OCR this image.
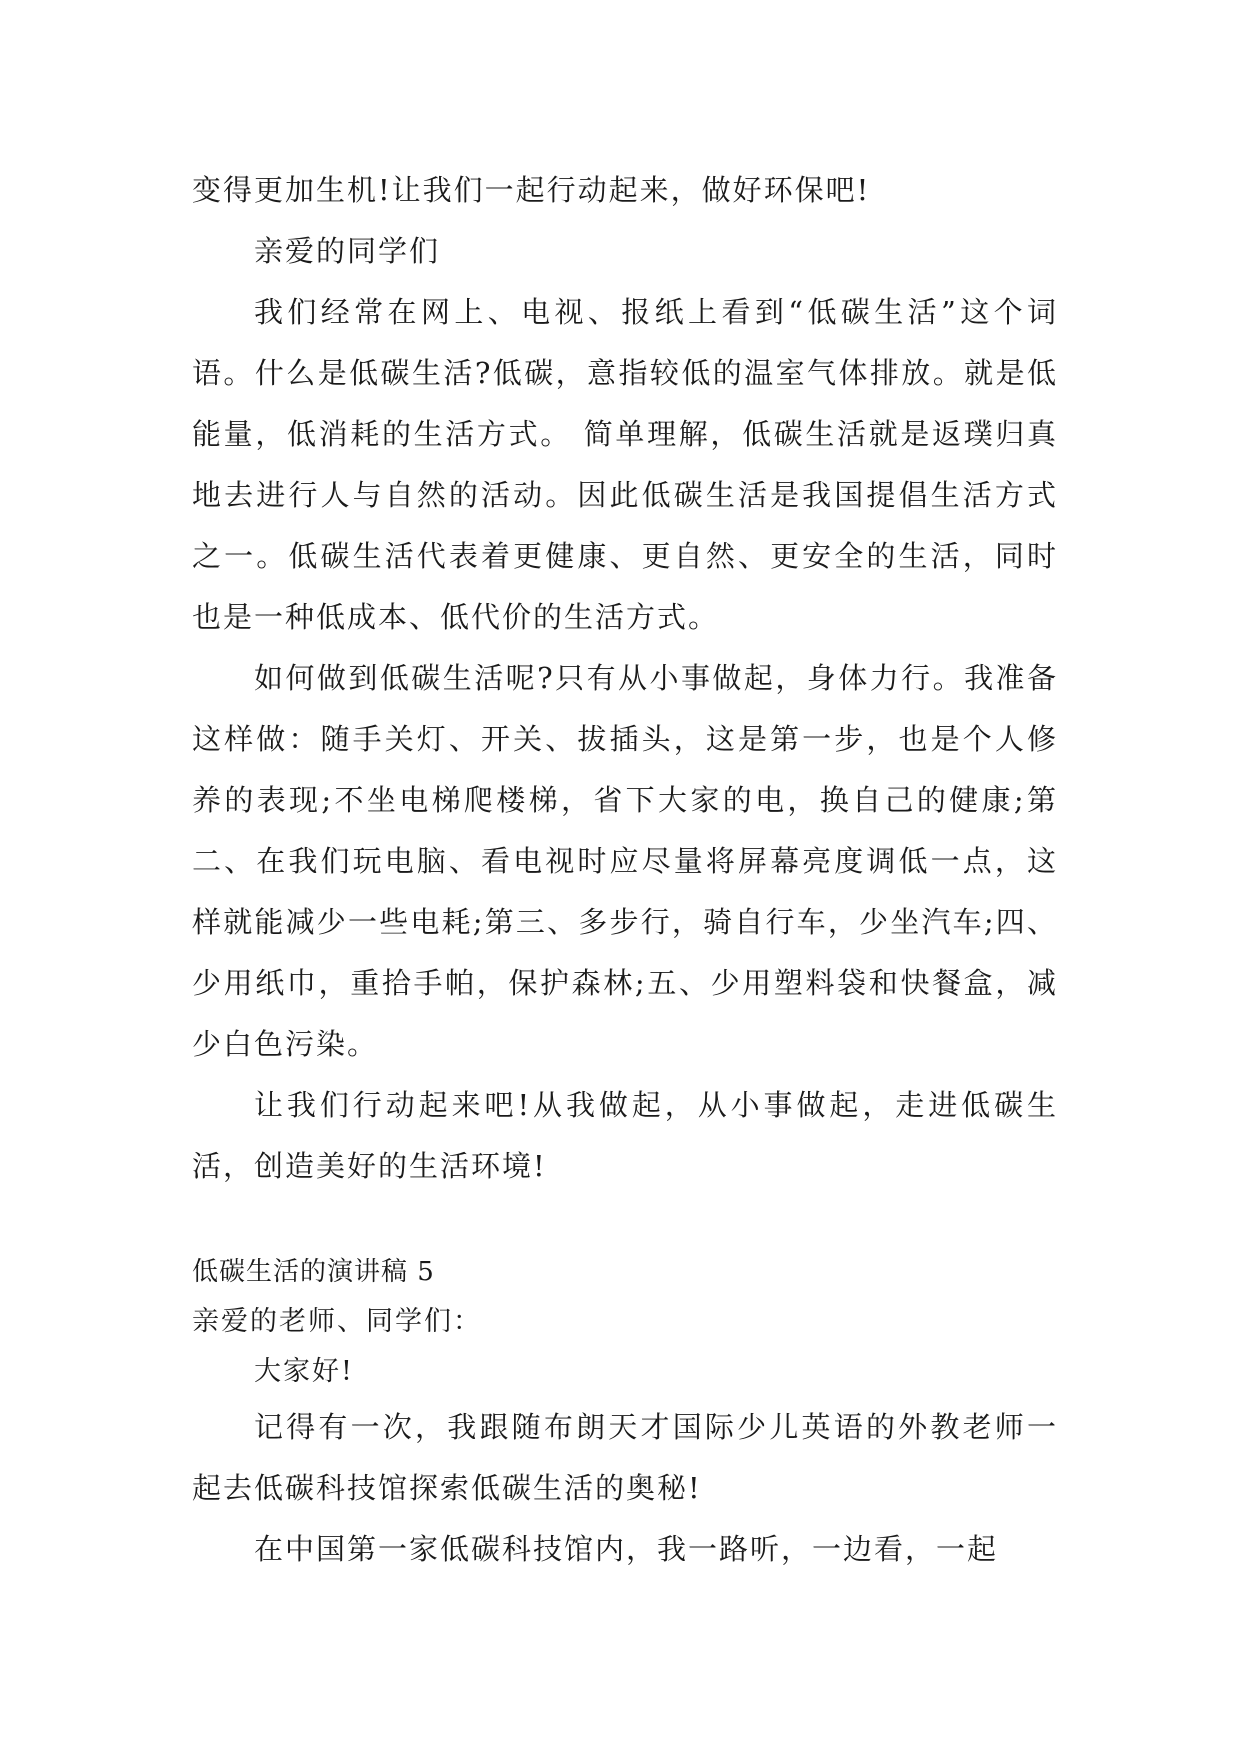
变得更加生机!让我们一起行动起来，做好环保吧!

亲爱的同学们

我们经常在网上、电视、报纸上看到“低碳生活”这个词语。什么是低碳生活?低碳，意指较低的温室气体排放。就是低能量，低消耗的生活方式。 简单理解，低碳生活就是返璞归真地去进行人与自然的活动。因此低碳生活是我国提倡生活方式之一。低碳生活代表着更健康、更自然、更安全的生活，同时也是一种低成本、低代价的生活方式。

如何做到低碳生活呢?只有从小事做起，身体力行。我准备这样做：随手关灯、开关、拔插头，这是第一步，也是个人修养的表现;不坐电梯爬楼梯，省下大家的电，换自己的健康;第二、在我们玩电脑、看电视时应尽量将屏幕亮度调低一点，这样就能减少一些电耗;第三、多步行，骑自行车，少坐汽车;四、少用纸巾，重拾手帕，保护森林;五、少用塑料袋和快餐盒，减少白色污染。

让我们行动起来吧!从我做起，从小事做起，走进低碳生活，创造美好的生活环境!

低碳生活的演讲稿 5

亲爱的老师、同学们：

大家好!

记得有一次，我跟随布朗天才国际少儿英语的外教老师一起去低碳科技馆探索低碳生活的奥秘!

在中国第一家低碳科技馆内，我一路听，一边看，一起
